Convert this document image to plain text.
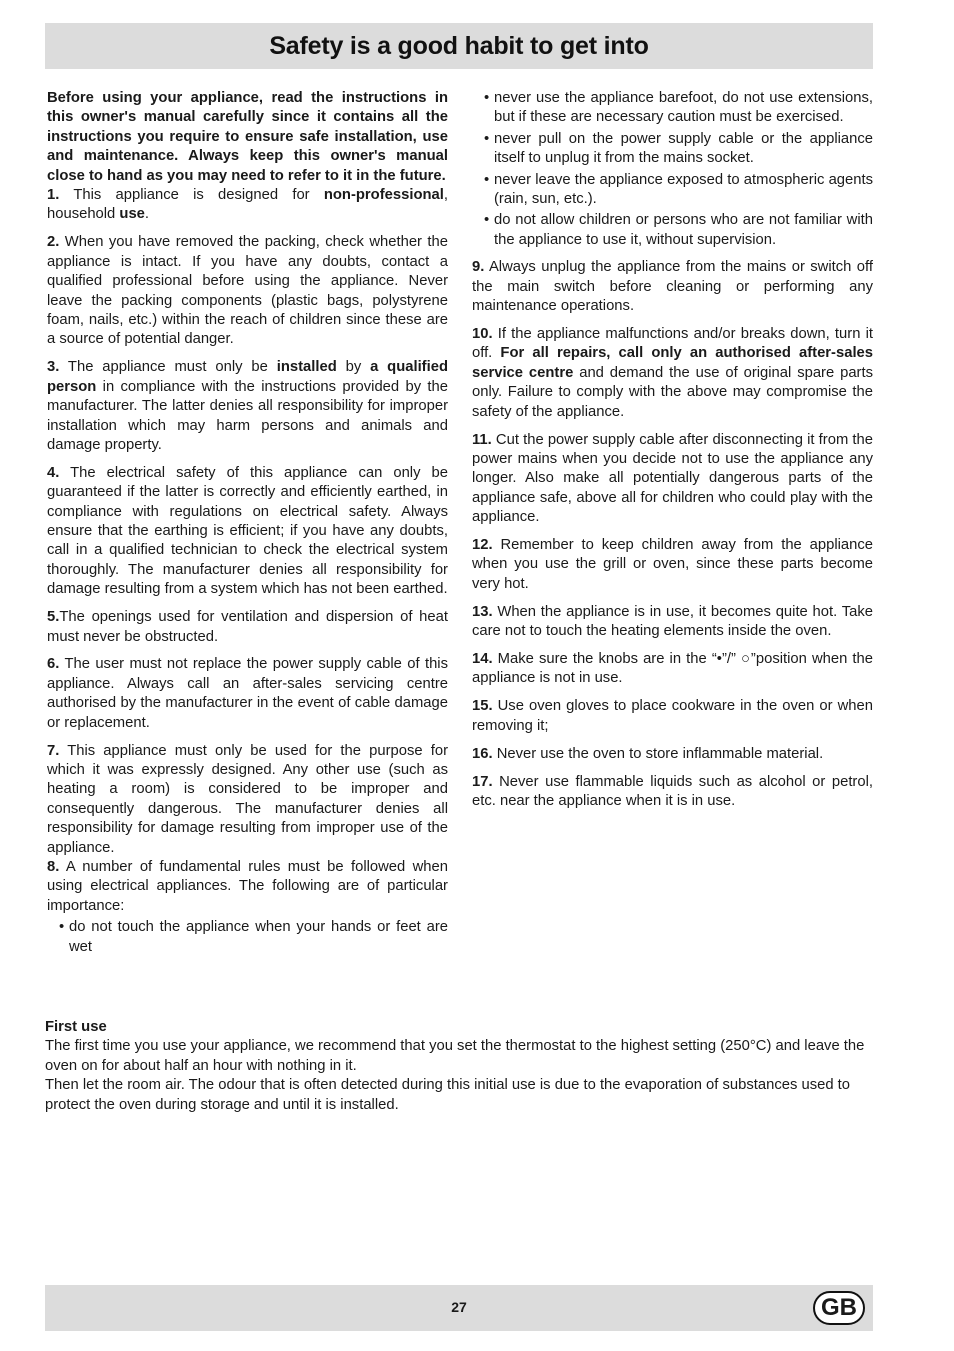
Safety is a good habit to get into

Before using your appliance, read the instructions in this owner's manual carefully since it contains all the instructions you require to ensure safe installation, use and maintenance. Always keep this owner's manual close to hand as you may need to refer to it in the future.

1. This appliance is designed for non-professional, household use.

2. When you have removed the packing, check whether the appliance is intact. If you have any doubts, contact a qualified professional before using the appliance. Never leave the packing components (plastic bags, polystyrene foam, nails, etc.) within the reach of children since these are a source of potential danger.

3. The appliance must only be installed by a qualified person in compliance with the instructions provided by the manufacturer. The latter denies all responsibility for improper installation which may harm persons and animals and damage property.

4. The electrical safety of this appliance can only be guaranteed if the latter is correctly and efficiently earthed, in compliance with regulations on electrical safety. Always ensure that the earthing is efficient; if you have any doubts, call in a qualified technician to check the electrical system thoroughly. The manufacturer denies all responsibility for damage resulting from a system which has not been earthed.

5.The openings used for ventilation and dispersion of heat must never be obstructed.

6. The user must not replace the power supply cable of this appliance. Always call an after-sales servicing centre authorised by the manufacturer in the event of cable damage or replacement.

7. This appliance must only be used for the purpose for which it was expressly designed. Any other use (such as heating a room) is considered to be improper and consequently dangerous. The manufacturer denies all responsibility for damage resulting from improper use of the appliance.

8. A number of fundamental rules must be followed when using electrical appliances. The following are of particular importance:

• do not touch the appliance when your hands or feet are wet
• never use the appliance barefoot, do not use extensions, but if these are necessary caution must be exercised.
• never pull on the power supply cable or the appliance itself to unplug it from the mains socket.
• never leave the appliance exposed to atmospheric agents (rain, sun, etc.).
• do not allow children or persons who are not familiar with the appliance to use it, without supervision.

9. Always unplug the appliance from the mains or switch off the main switch before cleaning or performing any maintenance operations.

10. If the appliance malfunctions and/or breaks down, turn it off. For all repairs, call only an authorised after-sales service centre and demand the use of original spare parts only. Failure to comply with the above may compromise the safety of the appliance.

11. Cut the power supply cable after disconnecting it from the power mains when you decide not to use the appliance any longer. Also make all potentially dangerous parts of the appliance safe, above all for children who could play with the appliance.

12. Remember to keep children away from the appliance when you use the grill or oven, since these parts become very hot.

13. When the appliance is in use, it becomes quite hot. Take care not to touch the heating elements inside the oven.

14. Make sure the knobs are in the “•”/” ○”position when the appliance is not in use.

15. Use oven gloves to place cookware in the oven or when removing it;

16. Never use the oven to store inflammable material.

17. Never use flammable liquids such as alcohol or petrol, etc. near the appliance when it is in use.

First use

The first time you use your appliance, we recommend that you set the thermostat to the highest setting (250°C) and leave the oven on for about half an hour with nothing in it.

Then let the room air. The odour that is often detected during this initial use is due to the evaporation of substances used to protect the oven during storage and until it is installed.

27	GB
